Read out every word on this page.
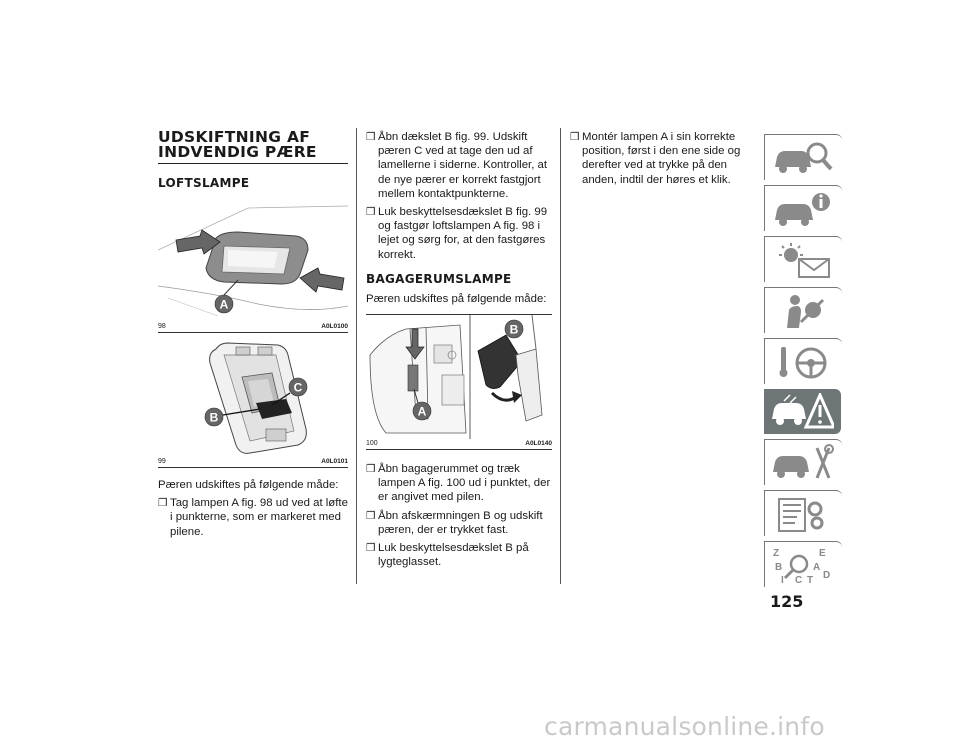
UDSKIFTNING AF INDVENDIG PÆRE
LOFTSLAMPE
A
98	A0L0100
C
B
99	A0L0101

Pæren udskiftes på følgende måde:

❒ Tag lampen A fig. 98 ud ved at løfte i punkterne, som er markeret med pilene.
❒ Åbn dækslet B fig. 99. Udskift pæren C ved at tage den ud af lamellerne i siderne. Kontroller, at de nye pærer er korrekt fastgjort mellem kontaktpunkterne.
❒ Luk beskyttelsesdækslet B fig. 99 og fastgør loftslampen A fig. 98 i lejet og sørg for, at den fastgøres korrekt.
BAGAGERUMSLAMPE

Pæren udskiftes på følgende måde:

A
B
100	A0L0140
❒ Åbn bagagerummet og træk lampen A fig. 100 ud i punktet, der er angivet med pilen.
❒ Åbn afskærmningen B og udskift pæren, der er trykket fast.
❒ Luk beskyttelsesdækslet B på lygteglasset.
❒ Montér lampen A i sin korrekte position, først i den ene side og derefter ved at trykke på den anden, indtil der høres et klik.
Z	E
B	A
D
I C T
125
carmanualsonline.info
